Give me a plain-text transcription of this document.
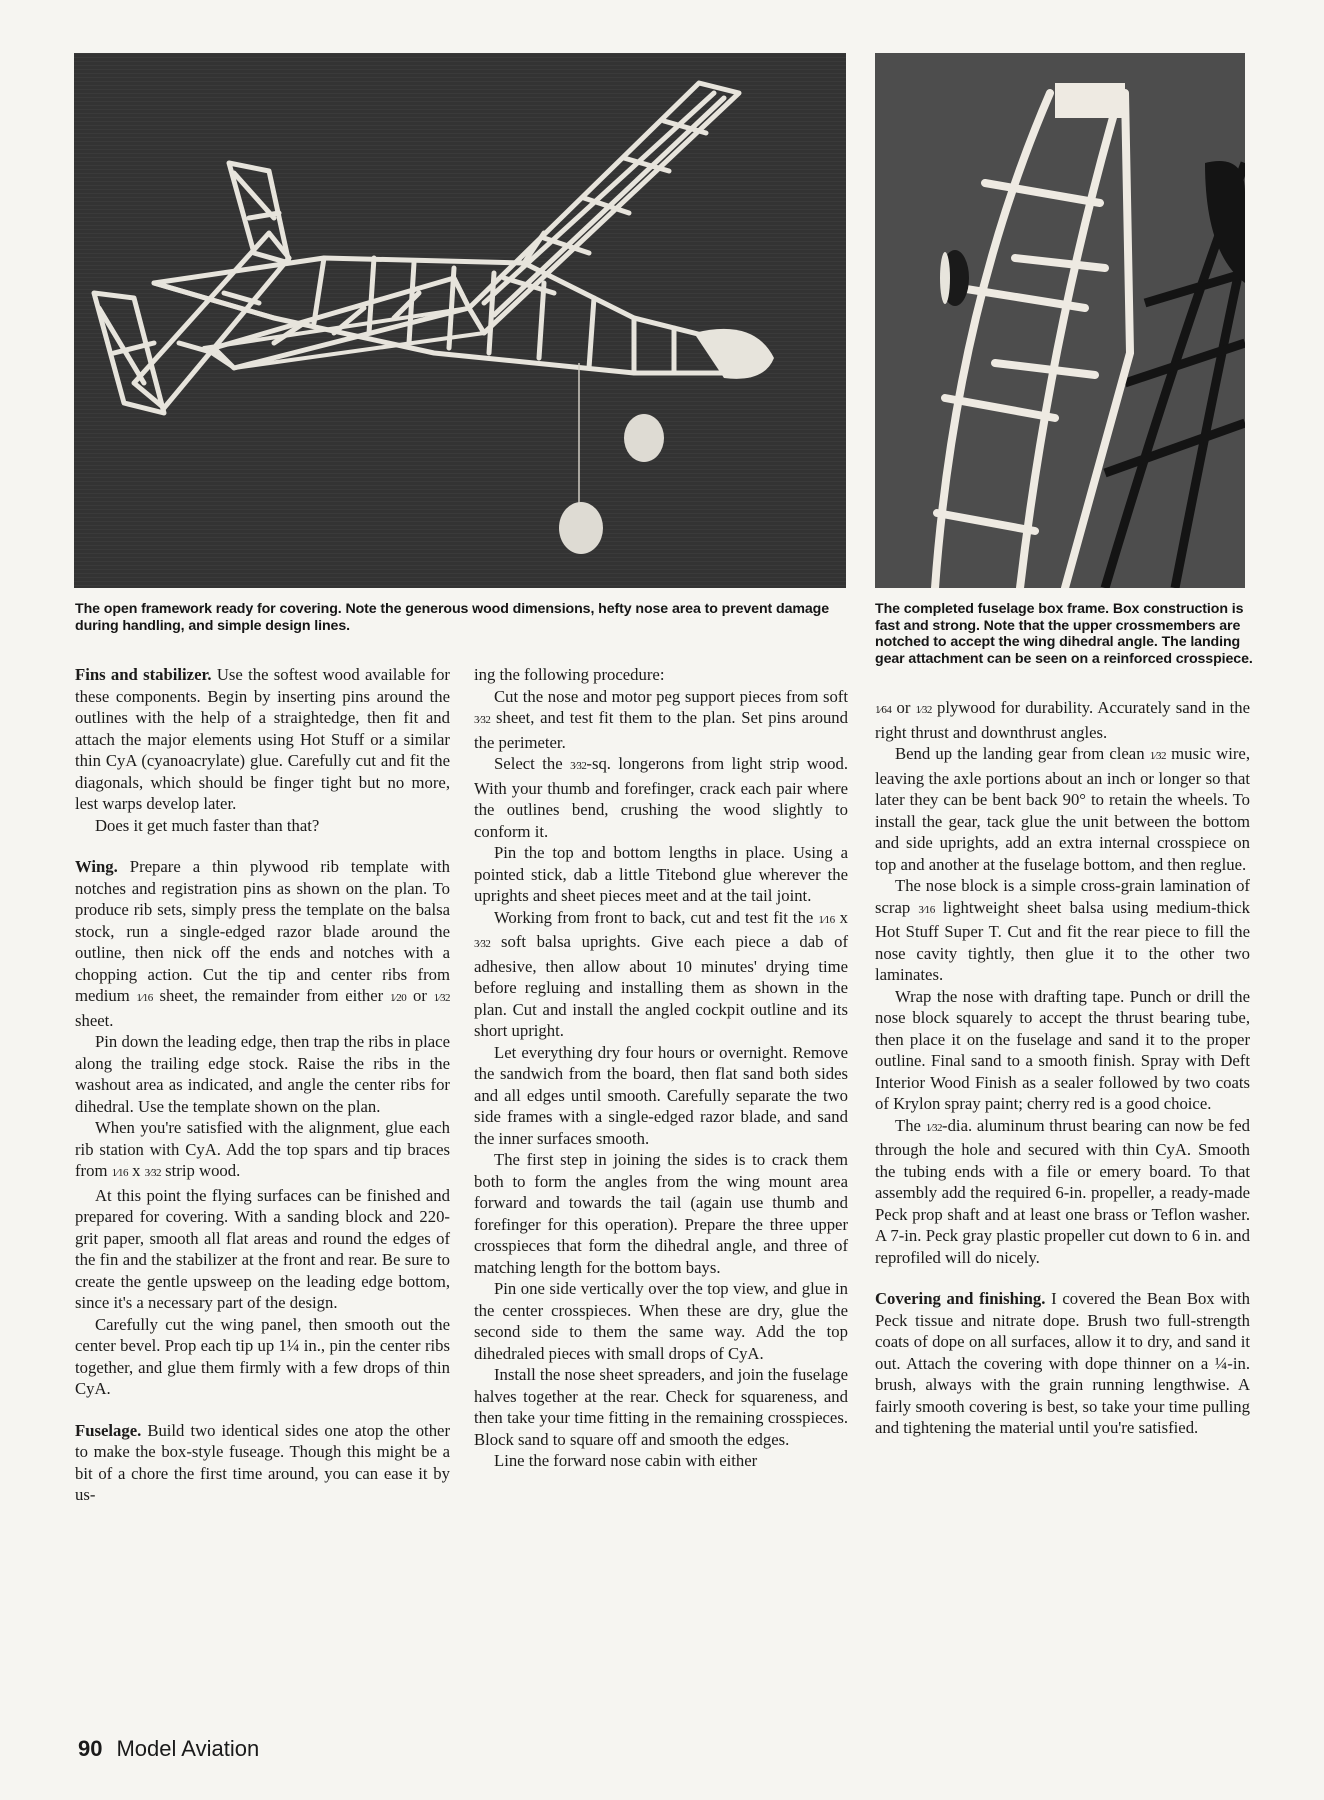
The open framework ready for covering. Note the generous wood dimensions, hefty nose area to prevent damage during handling, and simple design lines.
The completed fuselage box frame. Box construction is fast and strong. Note that the upper crossmembers are notched to accept the wing dihedral angle. The landing gear attachment can be seen on a reinforced crosspiece.

Fins and stabilizer. Use the softest wood available for these components. Begin by inserting pins around the outlines with the help of a straightedge, then fit and attach the major elements using Hot Stuff or a similar thin CyA (cyanoacrylate) glue. Carefully cut and fit the diagonals, which should be finger tight but no more, lest warps develop later.

Does it get much faster than that?

Wing. Prepare a thin plywood rib template with notches and registration pins as shown on the plan. To produce rib sets, simply press the template on the balsa stock, run a single-edged razor blade around the outline, then nick off the ends and notches with a chopping action. Cut the tip and center ribs from medium 1⁄16 sheet, the remainder from either 1⁄20 or 1⁄32 sheet.

Pin down the leading edge, then trap the ribs in place along the trailing edge stock. Raise the ribs in the washout area as indicated, and angle the center ribs for dihedral. Use the template shown on the plan.

When you're satisfied with the alignment, glue each rib station with CyA. Add the top spars and tip braces from 1⁄16 x 3⁄32 strip wood.

At this point the flying surfaces can be finished and prepared for covering. With a sanding block and 220-grit paper, smooth all flat areas and round the edges of the fin and the stabilizer at the front and rear. Be sure to create the gentle upsweep on the leading edge bottom, since it's a necessary part of the design.

Carefully cut the wing panel, then smooth out the center bevel. Prop each tip up 1¼ in., pin the center ribs together, and glue them firmly with a few drops of thin CyA.

Fuselage. Build two identical sides one atop the other to make the box-style fuseage. Though this might be a bit of a chore the first time around, you can ease it by us-

ing the following procedure:

Cut the nose and motor peg support pieces from soft 3⁄32 sheet, and test fit them to the plan. Set pins around the perimeter.

Select the 3⁄32-sq. longerons from light strip wood. With your thumb and forefinger, crack each pair where the outlines bend, crushing the wood slightly to conform it.

Pin the top and bottom lengths in place. Using a pointed stick, dab a little Titebond glue wherever the uprights and sheet pieces meet and at the tail joint.

Working from front to back, cut and test fit the 1⁄16 x 3⁄32 soft balsa uprights. Give each piece a dab of adhesive, then allow about 10 minutes' drying time before regluing and installing them as shown in the plan. Cut and install the angled cockpit outline and its short upright.

Let everything dry four hours or overnight. Remove the sandwich from the board, then flat sand both sides and all edges until smooth. Carefully separate the two side frames with a single-edged razor blade, and sand the inner surfaces smooth.

The first step in joining the sides is to crack them both to form the angles from the wing mount area forward and towards the tail (again use thumb and forefinger for this operation). Prepare the three upper crosspieces that form the dihedral angle, and three of matching length for the bottom bays.

Pin one side vertically over the top view, and glue in the center crosspieces. When these are dry, glue the second side to them the same way. Add the top dihedraled pieces with small drops of CyA.

Install the nose sheet spreaders, and join the fuselage halves together at the rear. Check for squareness, and then take your time fitting in the remaining crosspieces. Block sand to square off and smooth the edges.

Line the forward nose cabin with either

1⁄64 or 1⁄32 plywood for durability. Accurately sand in the right thrust and downthrust angles.

Bend up the landing gear from clean 1⁄32 music wire, leaving the axle portions about an inch or longer so that later they can be bent back 90° to retain the wheels. To install the gear, tack glue the unit between the bottom and side uprights, add an extra internal crosspiece on top and another at the fuselage bottom, and then reglue.

The nose block is a simple cross-grain lamination of scrap 3⁄16 lightweight sheet balsa using medium-thick Hot Stuff Super T. Cut and fit the rear piece to fill the nose cavity tightly, then glue it to the other two laminates.

Wrap the nose with drafting tape. Punch or drill the nose block squarely to accept the thrust bearing tube, then place it on the fuselage and sand it to the proper outline. Final sand to a smooth finish. Spray with Deft Interior Wood Finish as a sealer followed by two coats of Krylon spray paint; cherry red is a good choice.

The 1⁄32-dia. aluminum thrust bearing can now be fed through the hole and secured with thin CyA. Smooth the tubing ends with a file or emery board. To that assembly add the required 6-in. propeller, a ready-made Peck prop shaft and at least one brass or Teflon washer. A 7-in. Peck gray plastic propeller cut down to 6 in. and reprofiled will do nicely.

Covering and finishing. I covered the Bean Box with Peck tissue and nitrate dope. Brush two full-strength coats of dope on all surfaces, allow it to dry, and sand it out. Attach the covering with dope thinner on a ¼-in. brush, always with the grain running lengthwise. A fairly smooth covering is best, so take your time pulling and tightening the material until you're satisfied.

90 Model Aviation
